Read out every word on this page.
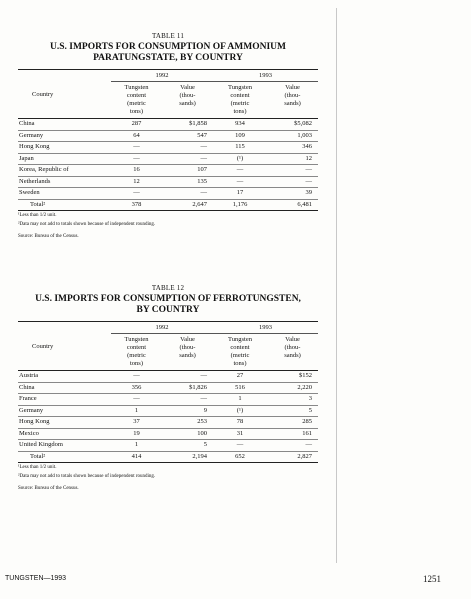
TABLE 11
U.S. IMPORTS FOR CONSUMPTION OF AMMONIUM
PARATUNGSTATE, BY COUNTRY
Country	1992		1993	
	Tungsten
content
(metric
tons)	Value
(thou-
sands)	Tungsten
content
(metric
tons)	Value
(thou-
sands)
China	287	$1,858	934	$5,082
Germany	64	547	109	1,003
Hong Kong	—	—	115	346
Japan	—	—	(¹)	12
Korea, Republic of	16	107	—	—
Netherlands	12	135	—	—
Sweden	—	—	17	39
Total²	378	2,647	1,176	6,481
¹Less than 1/2 unit.
²Data may not add to totals shown because of independent rounding.
Source: Bureau of the Census.
TABLE 12
U.S. IMPORTS FOR CONSUMPTION OF FERROTUNGSTEN,
BY COUNTRY
Country	1992		1993	
	Tungsten
content
(metric
tons)	Value
(thou-
sands)	Tungsten
content
(metric
tons)	Value
(thou-
sands)
Austria	—	—	27	$152
China	356	$1,826	516	2,220
France	—	—	1	3
Germany	1	9	(¹)	5
Hong Kong	37	253	78	285
Mexico	19	100	31	161
United Kingdom	1	5	—	—
Total²	414	2,194	652	2,827
¹Less than 1/2 unit.
²Data may not add to totals shown because of independent rounding.
Source: Bureau of the Census.
TUNGSTEN—1993	1251
